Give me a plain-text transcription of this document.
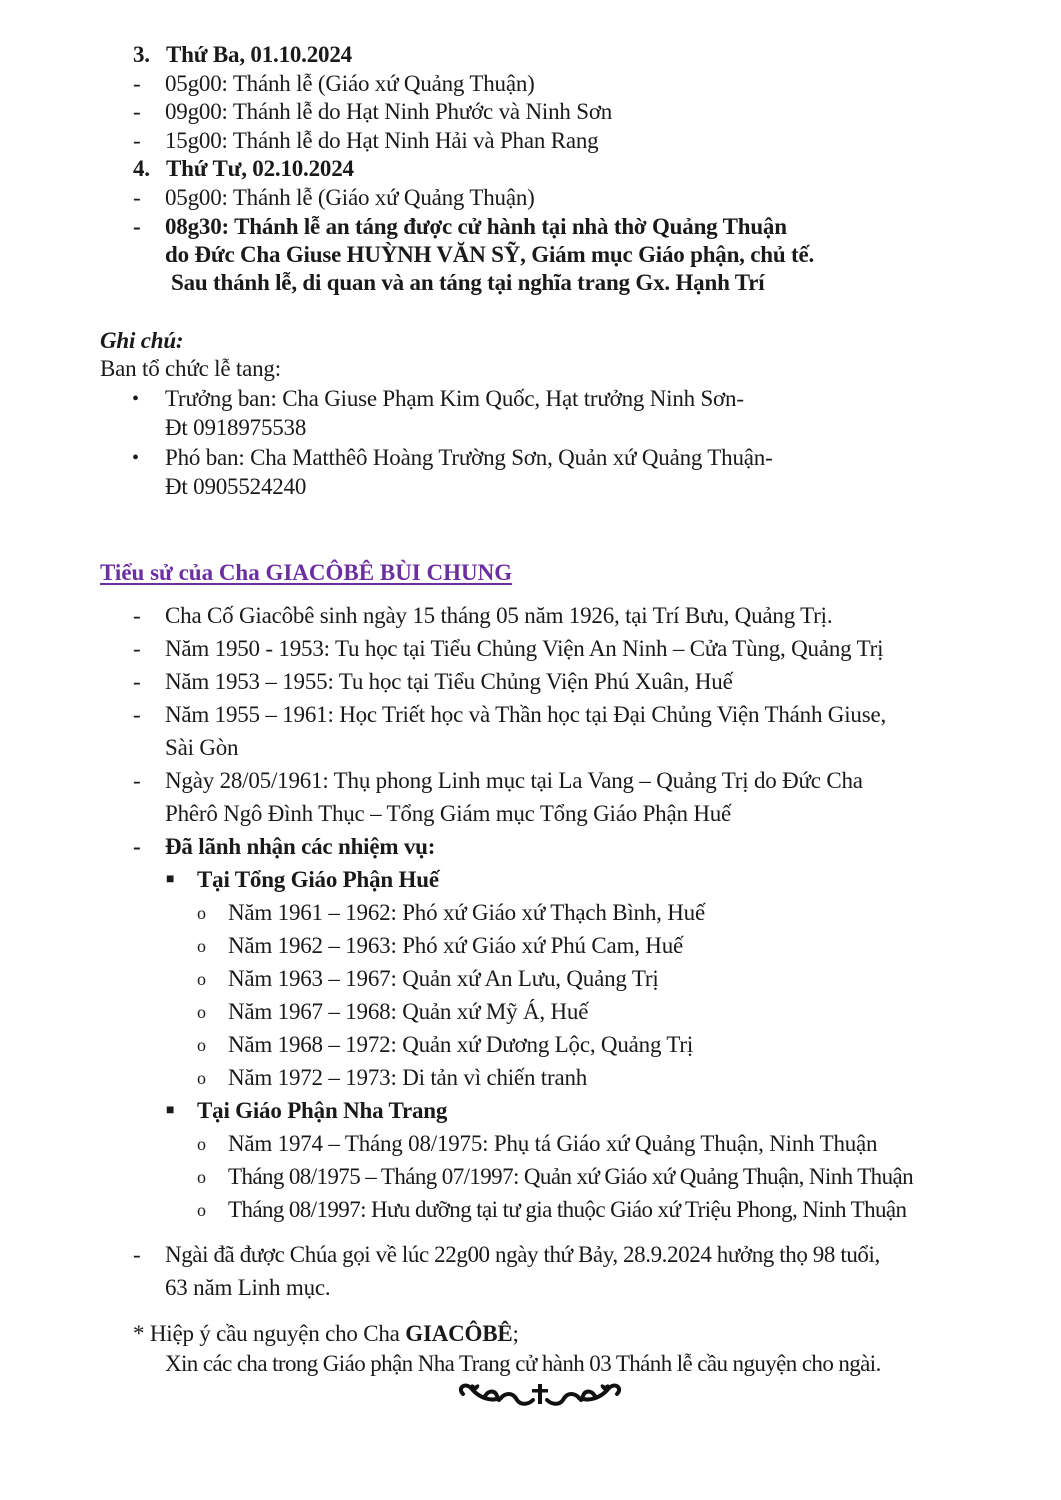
3. Thứ Ba, 01.10.2024
- 05g00: Thánh lễ (Giáo xứ Quảng Thuận)
- 09g00: Thánh lễ do Hạt Ninh Phước và Ninh Sơn
- 15g00: Thánh lễ do Hạt Ninh Hải và Phan Rang
4. Thứ Tư, 02.10.2024
- 05g00: Thánh lễ (Giáo xứ Quảng Thuận)
- 08g30: Thánh lễ an táng được cử hành tại nhà thờ Quảng Thuận
do Đức Cha Giuse HUỲNH VĂN SỸ, Giám mục Giáo phận, chủ tế.
Sau thánh lễ, di quan và an táng tại nghĩa trang Gx. Hạnh Trí
Ghi chú:
Ban tổ chức lễ tang:
• Trưởng ban: Cha Giuse Phạm Kim Quốc, Hạt trưởng Ninh Sơn-
Đt 0918975538
• Phó ban: Cha Matthêô Hoàng Trường Sơn, Quản xứ Quảng Thuận-
Đt 0905524240
Tiểu sử của Cha GIACÔBÊ BÙI CHUNG
- Cha Cố Giacôbê sinh ngày 15 tháng 05 năm 1926, tại Trí Bưu, Quảng Trị.
- Năm 1950 - 1953: Tu học tại Tiểu Chủng Viện An Ninh – Cửa Tùng, Quảng Trị
- Năm 1953 – 1955: Tu học tại Tiểu Chủng Viện Phú Xuân, Huế
- Năm 1955 – 1961: Học Triết học và Thần học tại Đại Chủng Viện Thánh Giuse,
Sài Gòn
- Ngày 28/05/1961: Thụ phong Linh mục tại La Vang – Quảng Trị do Đức Cha
Phêrô Ngô Đình Thục – Tổng Giám mục Tổng Giáo Phận Huế
- Đã lãnh nhận các nhiệm vụ:
■ Tại Tổng Giáo Phận Huế
o Năm 1961 – 1962: Phó xứ Giáo xứ Thạch Bình, Huế
o Năm 1962 – 1963: Phó xứ Giáo xứ Phú Cam, Huế
o Năm 1963 – 1967: Quản xứ An Lưu, Quảng Trị
o Năm 1967 – 1968: Quản xứ Mỹ Á, Huế
o Năm 1968 – 1972: Quản xứ Dương Lộc, Quảng Trị
o Năm 1972 – 1973: Di tản vì chiến tranh
■ Tại Giáo Phận Nha Trang
o Năm 1974 – Tháng 08/1975: Phụ tá Giáo xứ Quảng Thuận, Ninh Thuận
o Tháng 08/1975 – Tháng 07/1997: Quản xứ Giáo xứ Quảng Thuận, Ninh Thuận
o Tháng 08/1997: Hưu dưỡng tại tư gia thuộc Giáo xứ Triệu Phong, Ninh Thuận
- Ngài đã được Chúa gọi về lúc 22g00 ngày thứ Bảy, 28.9.2024 hưởng thọ 98 tuổi,
63 năm Linh mục.
* Hiệp ý cầu nguyện cho Cha GIACÔBÊ;
Xin các cha trong Giáo phận Nha Trang cử hành 03 Thánh lễ cầu nguyện cho ngài.
